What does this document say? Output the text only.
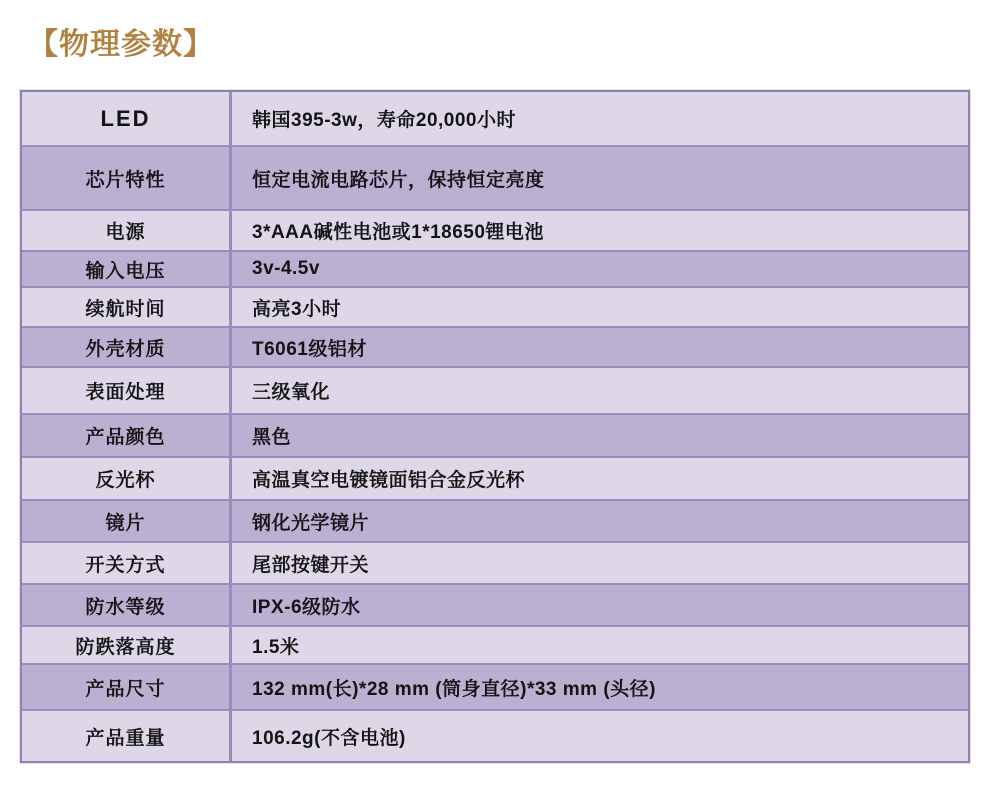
【物理参数】
LED	韩国395-3w，寿命20,000小时
芯片特性	恒定电流电路芯片，保持恒定亮度
电源	3*AAA碱性电池或1*18650锂电池
输入电压	3v-4.5v
续航时间	高亮3小时
外壳材质	T6061级铝材
表面处理	三级氧化
产品颜色	黑色
反光杯	高温真空电镀镜面铝合金反光杯
镜片	钢化光学镜片
开关方式	尾部按键开关
防水等级	IPX-6级防水
防跌落高度	1.5米
产品尺寸	132 mm(长)*28 mm (筒身直径)*33 mm (头径)
产品重量	106.2g(不含电池)
